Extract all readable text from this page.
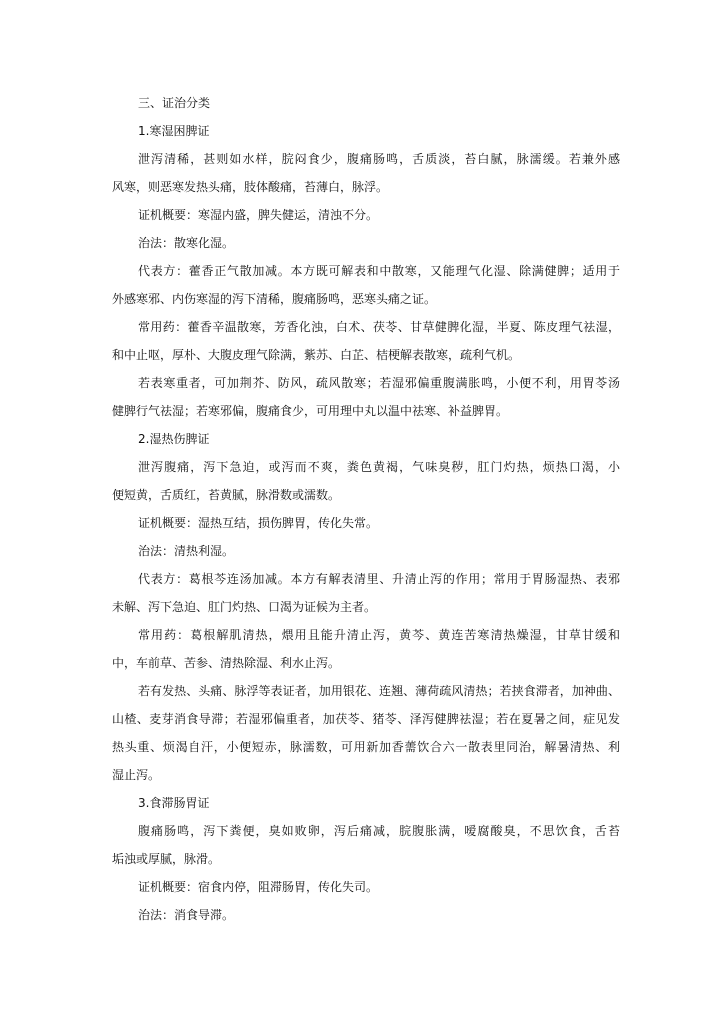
三、证治分类
1.寒湿困脾证
泄泻清稀，甚则如水样，脘闷食少，腹痛肠鸣，舌质淡，苔白腻，脉濡缓。若兼外感
风寒，则恶寒发热头痛，肢体酸痛，苔薄白，脉浮。
证机概要：寒湿内盛，脾失健运，清浊不分。
治法：散寒化湿。
代表方：藿香正气散加减。本方既可解表和中散寒，又能理气化湿、除满健脾；适用于
外感寒邪、内伤寒湿的泻下清稀，腹痛肠鸣，恶寒头痛之证。
常用药：藿香辛温散寒，芳香化浊，白术、茯苓、甘草健脾化湿，半夏、陈皮理气祛湿，
和中止呕，厚朴、大腹皮理气除满，紫苏、白芷、桔梗解表散寒，疏利气机。
若表寒重者，可加荆芥、防风，疏风散寒；若湿邪偏重腹满胀鸣，小便不利，用胃苓汤
健脾行气祛湿；若寒邪偏，腹痛食少，可用理中丸以温中祛寒、补益脾胃。
2.湿热伤脾证
泄泻腹痛，泻下急迫，或泻而不爽，粪色黄褐，气味臭秽，肛门灼热，烦热口渴，小
便短黄，舌质红，苔黄腻，脉滑数或濡数。
证机概要：湿热互结，损伤脾胃，传化失常。
治法：清热利湿。
代表方：葛根芩连汤加减。本方有解表清里、升清止泻的作用；常用于胃肠湿热、表邪
未解、泻下急迫、肛门灼热、口渴为证候为主者。
常用药：葛根解肌清热，煨用且能升清止泻，黄芩、黄连苦寒清热燥湿，甘草甘缓和
中，车前草、苦参、清热除湿、利水止泻。
若有发热、头痛、脉浮等表证者，加用银花、连翘、薄荷疏风清热；若挟食滞者，加神曲、
山楂、麦芽消食导滞；若湿邪偏重者，加茯苓、猪苓、泽泻健脾祛湿；若在夏暑之间，症见发
热头重、烦渴自汗，小便短赤，脉濡数，可用新加香薷饮合六一散表里同治，解暑清热、利
湿止泻。
3.食滞肠胃证
腹痛肠鸣，泻下粪便，臭如败卵，泻后痛减，脘腹胀满，嗳腐酸臭，不思饮食，舌苔
垢浊或厚腻，脉滑。
证机概要：宿食内停，阻滞肠胃，传化失司。
治法：消食导滞。
